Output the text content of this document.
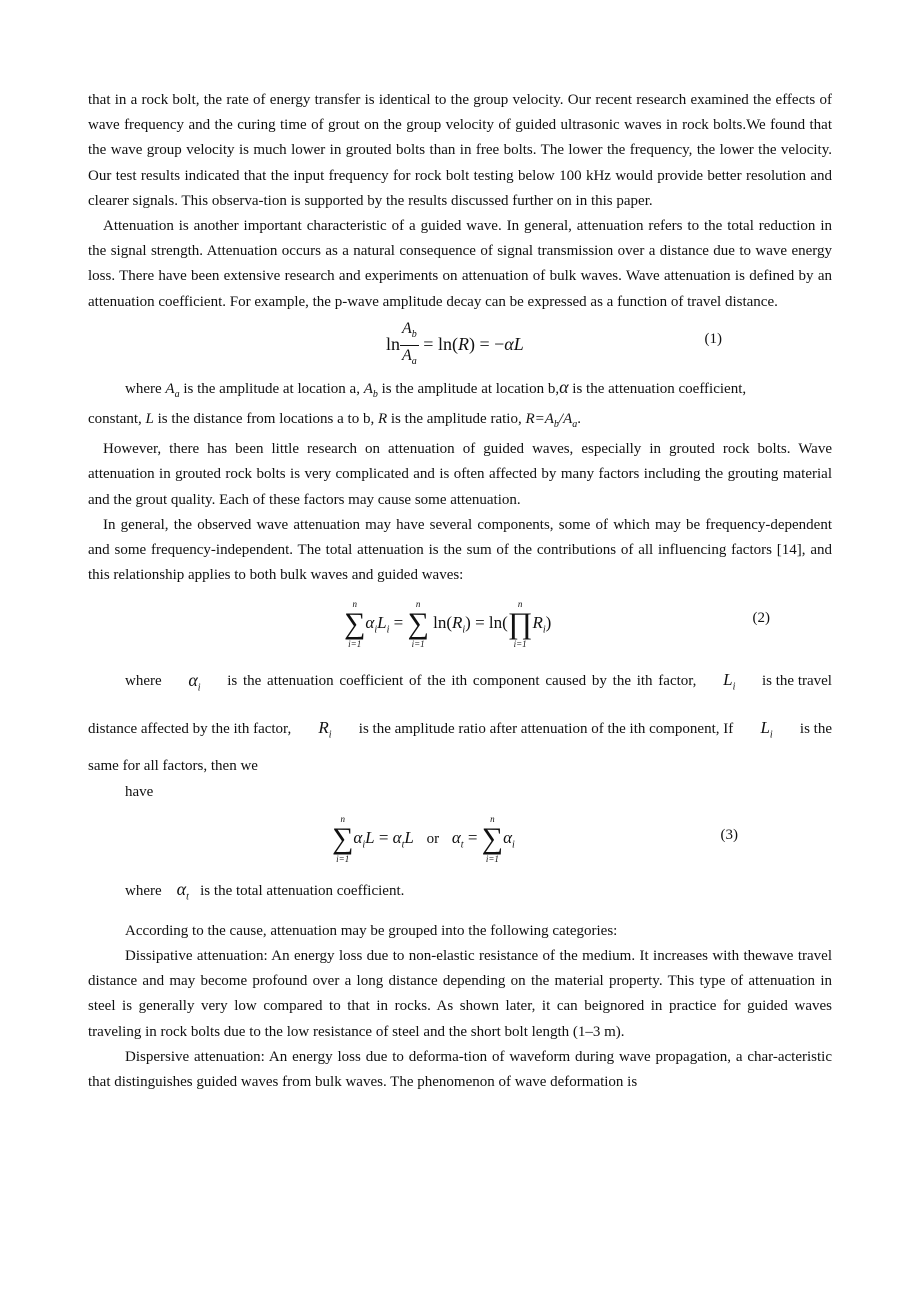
that in a rock bolt, the rate of energy transfer is identical to the group velocity. Our recent research examined the effects of wave frequency and the curing time of grout on the group velocity of guided ultrasonic waves in rock bolts.We found that the wave group velocity is much lower in grouted bolts than in free bolts. The lower the frequency, the lower the velocity. Our test results indicated that the input frequency for rock bolt testing below 100 kHz would provide better resolution and clearer signals. This observa-tion is supported by the results discussed further on in this paper.

Attenuation is another important characteristic of a guided wave. In general, attenuation refers to the total reduction in the signal strength. Attenuation occurs as a natural consequence of signal transmission over a distance due to wave energy loss. There have been extensive research and experiments on attenuation of bulk waves. Wave attenuation is defined by an attenuation coefficient. For example, the p-wave amplitude decay can be expressed as a function of travel distance.

$\ln \frac{A_b}{A_a} = \ln(R) = -\alpha L$	(1)
where $A_a$ is the amplitude at location a, $A_b$ is the amplitude at location b,α is the attenuation coefficient,
constant, L is the distance from locations a to b, R is the amplitude ratio, $R=A_b/A_a$.

However, there has been little research on attenuation of guided waves, especially in grouted rock bolts. Wave attenuation in grouted rock bolts is very complicated and is often affected by many factors including the grouting material and the grout quality. Each of these factors may cause some attenuation.

In general, the observed wave attenuation may have several components, some of which may be frequency-dependent and some frequency-independent. The total attenuation is the sum of the contributions of all influencing factors [14], and this relationship applies to both bulk waves and guided waves:

n
∑
i=1
$\alpha_iL_i$ =
n
∑
i=1
$\ln(R_i) = \ln$(
n
∏
i=1
$R_i$)	(2)
where $\alpha_i$ is the attenuation coefficient of the ith component caused by the ith factor, $L_i$ is the travel
distance affected by the ith factor, $R_i$ is the amplitude ratio after attenuation of the ith component, If $L_i$ is the
same for all factors, then we
have
n
∑
i=1
$\alpha_iL = \alpha_tL$ or $\alpha_t$ =
n
∑
i=1
$\alpha_i$
(3)
where $\alpha_t$ is the total attenuation coefficient.

According to the cause, attenuation may be grouped into the following categories:

Dissipative attenuation: An energy loss due to non-elastic resistance of the medium. It increases with thewave travel distance and may become profound over a long distance depending on the material property. This type of attenuation in steel is generally very low compared to that in rocks. As shown later, it can beignored in practice for guided waves traveling in rock bolts due to the low resistance of steel and the short bolt length (1–3 m).

Dispersive attenuation: An energy loss due to deforma-tion of waveform during wave propagation, a char-acteristic that distinguishes guided waves from bulk waves. The phenomenon of wave deformation is
